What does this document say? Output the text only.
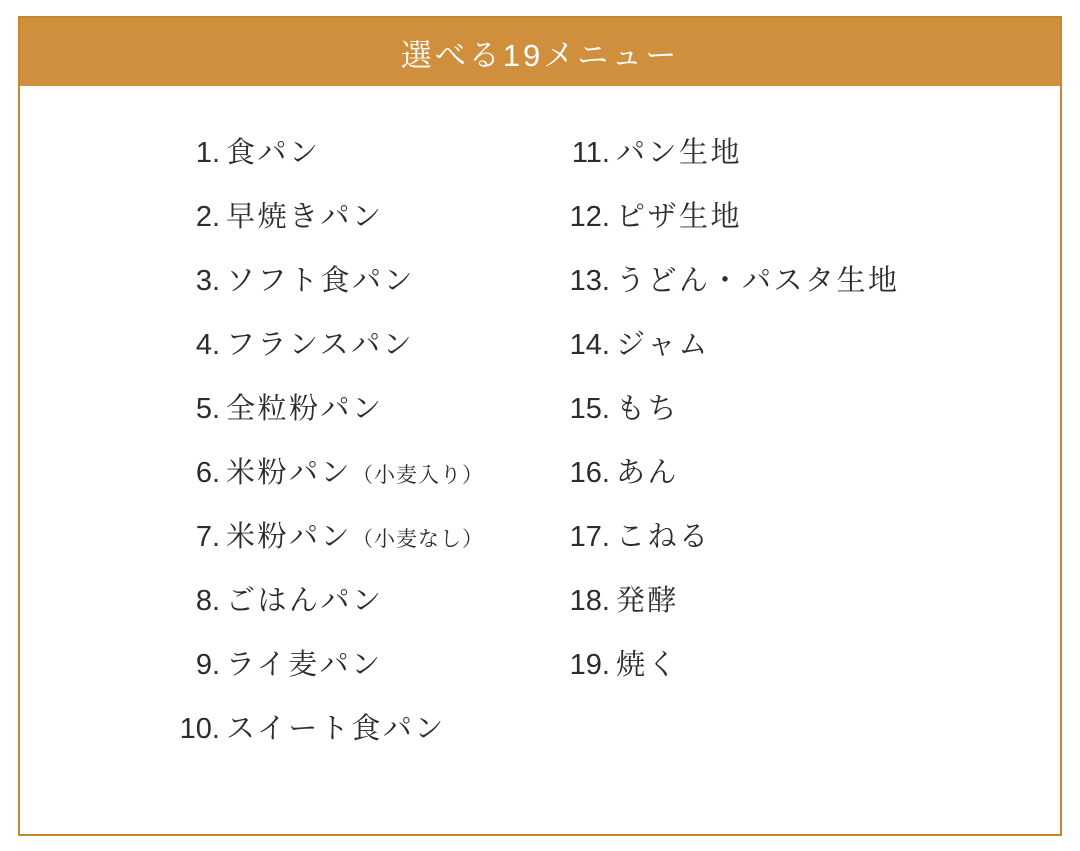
選べる19メニュー
1. 食パン
2. 早焼きパン
3. ソフト食パン
4. フランスパン
5. 全粒粉パン
6. 米粉パン （小麦入り）
7. 米粉パン （小麦なし）
8. ごはんパン
9. ライ麦パン
10. スイート食パン
11. パン生地
12. ピザ生地
13. うどん・パスタ生地
14. ジャム
15. もち
16. あん
17. こねる
18. 発酵
19. 焼く
